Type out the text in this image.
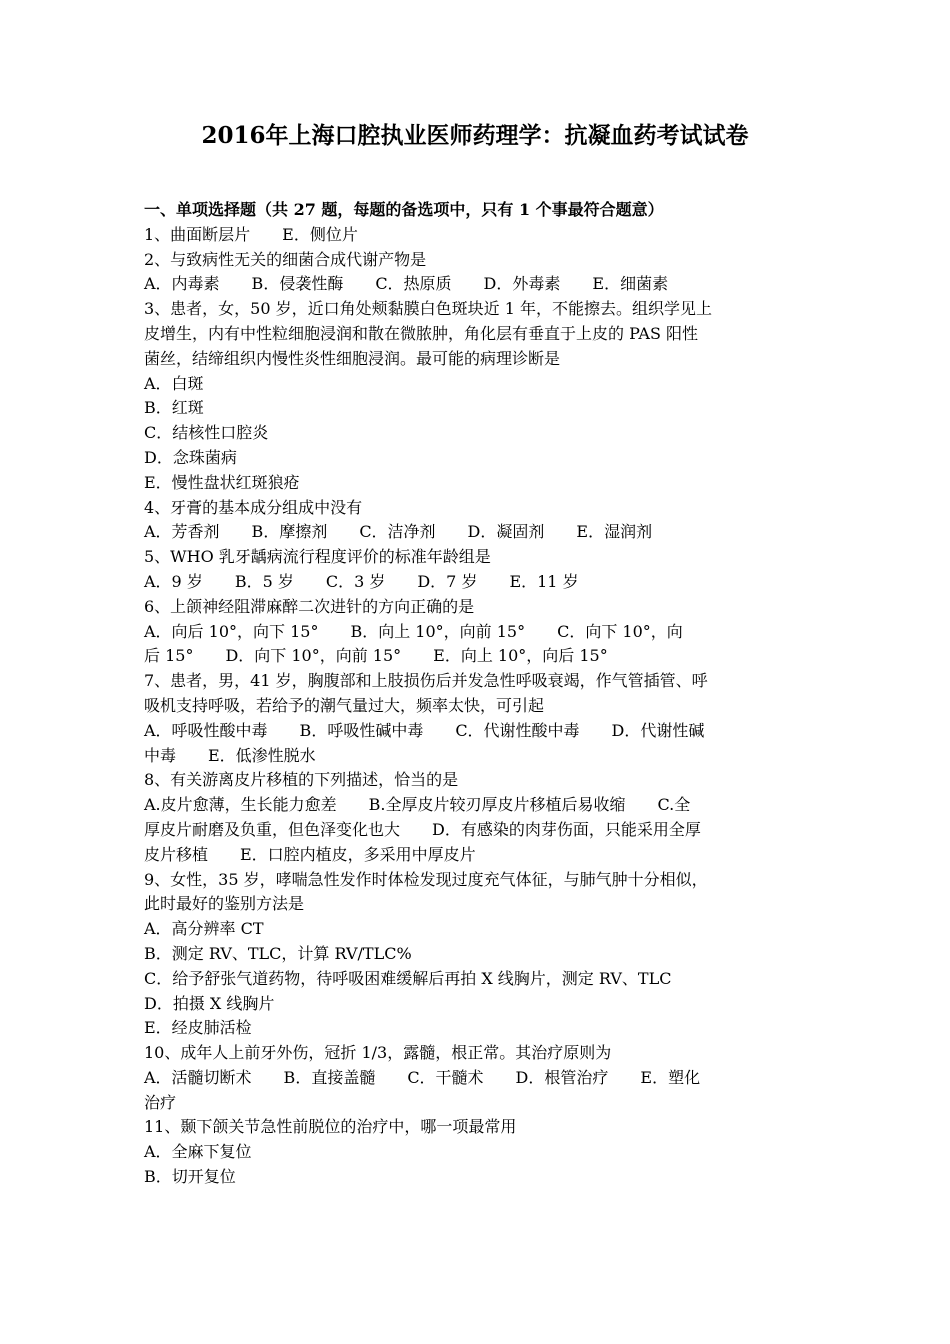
2016年上海口腔执业医师药理学：抗凝血药考试试卷
一、单项选择题（共 27 题，每题的备选项中，只有 1 个事最符合题意）
1、曲面断层片　　E．侧位片
2、与致病性无关的细菌合成代谢产物是
A．内毒素　　B．侵袭性酶　　C．热原质　　D．外毒素　　E．细菌素
3、患者，女，50 岁，近口角处颊黏膜白色斑块近 1 年，不能擦去。组织学见上
皮增生，内有中性粒细胞浸润和散在微脓肿，角化层有垂直于上皮的 PAS 阳性
菌丝，结缔组织内慢性炎性细胞浸润。最可能的病理诊断是
A．白斑
B．红斑
C．结核性口腔炎
D．念珠菌病
E．慢性盘状红斑狼疮
4、牙膏的基本成分组成中没有
A．芳香剂　　B．摩擦剂　　C．洁净剂　　D．凝固剂　　E．湿润剂
5、WHO 乳牙龋病流行程度评价的标准年龄组是
A．9 岁　　B．5 岁　　C．3 岁　　D．7 岁　　E．11 岁
6、上颌神经阻滞麻醉二次进针的方向正确的是
A．向后 10°，向下 15°　　B．向上 10°，向前 15°　　C．向下 10°，向
后 15°　　D．向下 10°，向前 15°　　E．向上 10°，向后 15°
7、患者，男，41 岁，胸腹部和上肢损伤后并发急性呼吸衰竭，作气管插管、呼
吸机支持呼吸，若给予的潮气量过大，频率太快，可引起
A．呼吸性酸中毒　　B．呼吸性碱中毒　　C．代谢性酸中毒　　D．代谢性碱
中毒　　E．低渗性脱水
8、有关游离皮片移植的下列描述，恰当的是
A.皮片愈薄，生长能力愈差　　B.全厚皮片较刃厚皮片移植后易收缩　　C.全
厚皮片耐磨及负重，但色泽变化也大　　D．有感染的肉芽伤面，只能采用全厚
皮片移植　　E．口腔内植皮，多采用中厚皮片
9、女性，35 岁，哮喘急性发作时体检发现过度充气体征，与肺气肿十分相似，
此时最好的鉴别方法是
A．高分辨率 CT
B．测定 RV、TLC，计算 RV/TLC%
C．给予舒张气道药物，待呼吸困难缓解后再拍 X 线胸片，测定 RV、TLC
D．拍摄 X 线胸片
E．经皮肺活检
10、成年人上前牙外伤，冠折 1/3，露髓，根正常。其治疗原则为
A．活髓切断术　　B．直接盖髓　　C．干髓术　　D．根管治疗　　E．塑化
治疗
11、颞下颌关节急性前脱位的治疗中，哪一项最常用
A．全麻下复位
B．切开复位
